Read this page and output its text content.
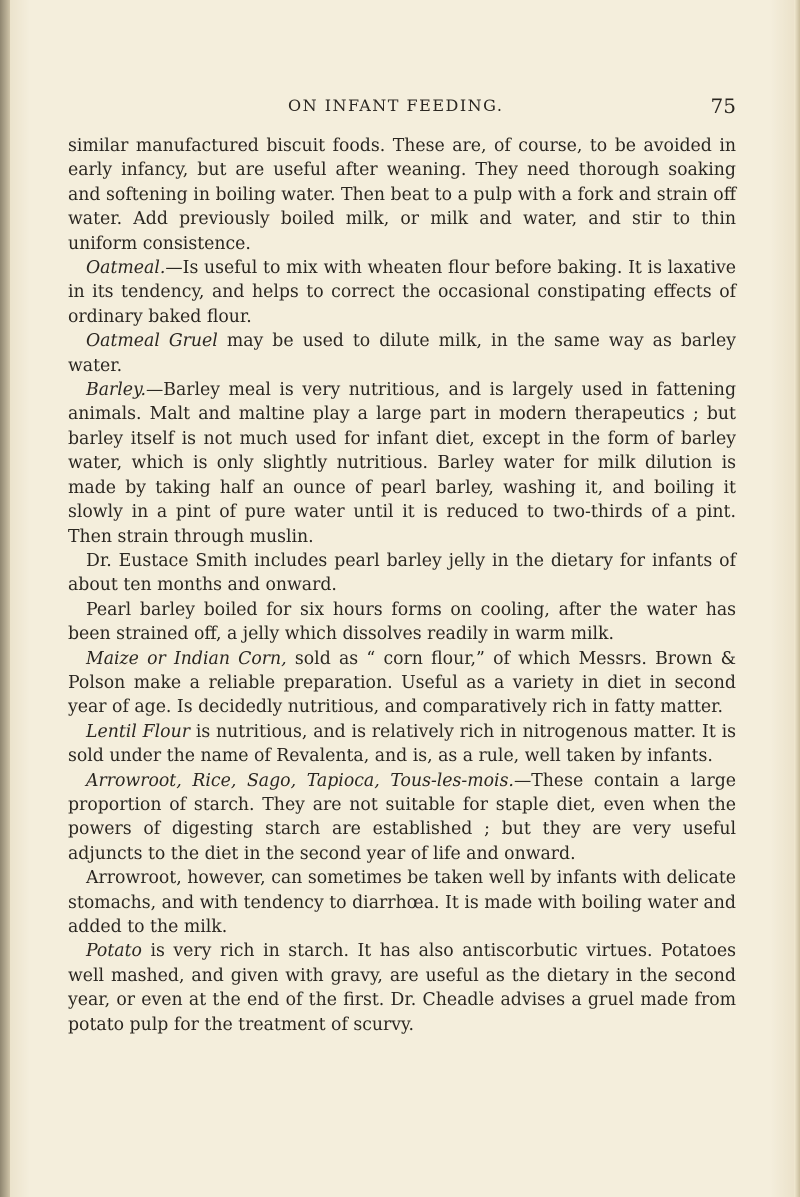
ON INFANT FEEDING.	75

similar manufactured biscuit foods. These are, of course, to be avoided in early infancy, but are useful after weaning. They need thorough soaking and softening in boiling water. Then beat to a pulp with a fork and strain off water. Add previously boiled milk, or milk and water, and stir to thin uniform consistence.

Oatmeal.—Is useful to mix with wheaten flour before baking. It is laxative in its tendency, and helps to correct the occasional constipating effects of ordinary baked flour.

Oatmeal Gruel may be used to dilute milk, in the same way as barley water.

Barley.—Barley meal is very nutritious, and is largely used in fattening animals. Malt and maltine play a large part in modern therapeutics ; but barley itself is not much used for infant diet, except in the form of barley water, which is only slightly nutritious. Barley water for milk dilution is made by taking half an ounce of pearl barley, washing it, and boiling it slowly in a pint of pure water until it is reduced to two-thirds of a pint. Then strain through muslin.

Dr. Eustace Smith includes pearl barley jelly in the dietary for infants of about ten months and onward.

Pearl barley boiled for six hours forms on cooling, after the water has been strained off, a jelly which dissolves readily in warm milk.

Maize or Indian Corn, sold as “ corn flour,” of which Messrs. Brown & Polson make a reliable preparation. Useful as a variety in diet in second year of age. Is decidedly nutritious, and comparatively rich in fatty matter.

Lentil Flour is nutritious, and is relatively rich in nitrogenous matter. It is sold under the name of Revalenta, and is, as a rule, well taken by infants.

Arrowroot, Rice, Sago, Tapioca, Tous-les-mois.—These contain a large proportion of starch. They are not suitable for staple diet, even when the powers of digesting starch are established ; but they are very useful adjuncts to the diet in the second year of life and onward.

Arrowroot, however, can sometimes be taken well by infants with delicate stomachs, and with tendency to diarrhœa. It is made with boiling water and added to the milk.

Potato is very rich in starch. It has also antiscorbutic virtues. Potatoes well mashed, and given with gravy, are useful as the dietary in the second year, or even at the end of the first. Dr. Cheadle advises a gruel made from potato pulp for the treatment of scurvy.
